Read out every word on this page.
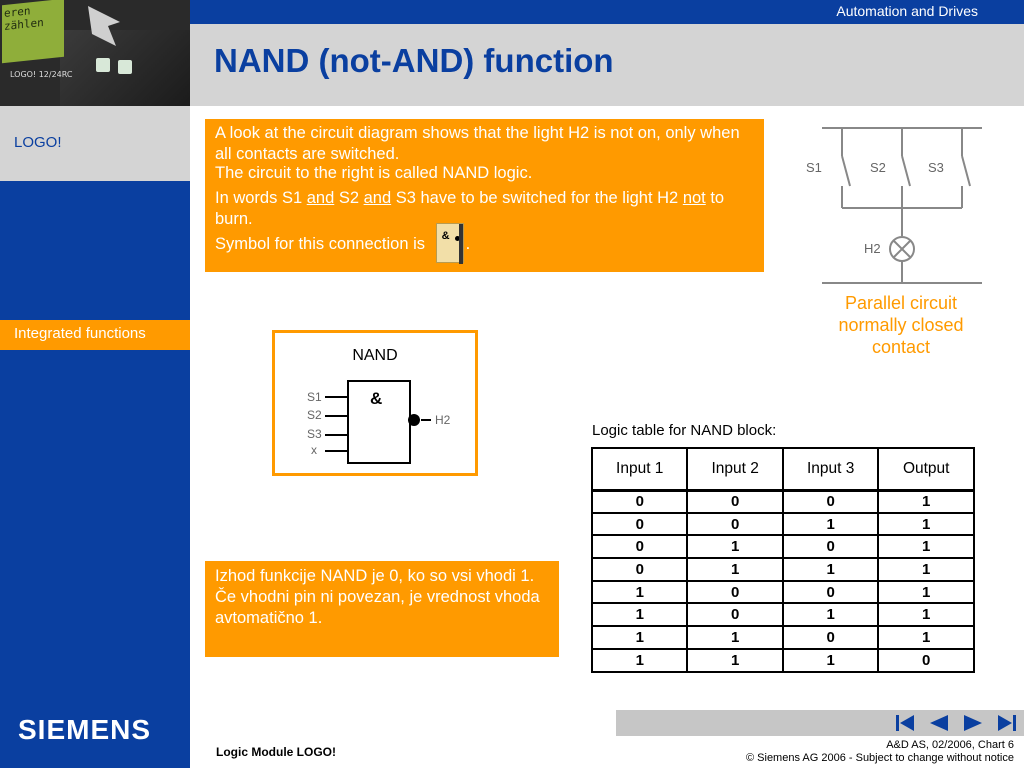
eren
zählen
LOGO! 12/24RC
LOGO!
Integrated functions
SIEMENS
Automation and Drives
NAND (not-AND) function

A look at the circuit diagram shows that the light H2 is not on, only when all contacts are switched.

The circuit to the right is called NAND logic.

In words S1 and S2 and S3 have to be switched for the light H2 not to burn.

Symbol for this connection is & .

S1	S2	S3
H2
Parallel circuit
normally closed
contact
NAND
S1
S2
S3
x
H2
&
Logic table for NAND block:
Input 1	Input 2	Input 3	Output
0	0	0	1
0	0	1	1
0	1	0	1
0	1	1	1
1	0	0	1
1	0	1	1
1	1	0	1
1	1	1	0
Izhod funkcije NAND je 0, ko so vsi vhodi 1.
Če vhodni pin ni povezan, je vrednost vhoda avtomatično 1.
Logic Module LOGO!	A&D AS, 02/2006, Chart 6
© Siemens AG 2006 - Subject to change without notice
